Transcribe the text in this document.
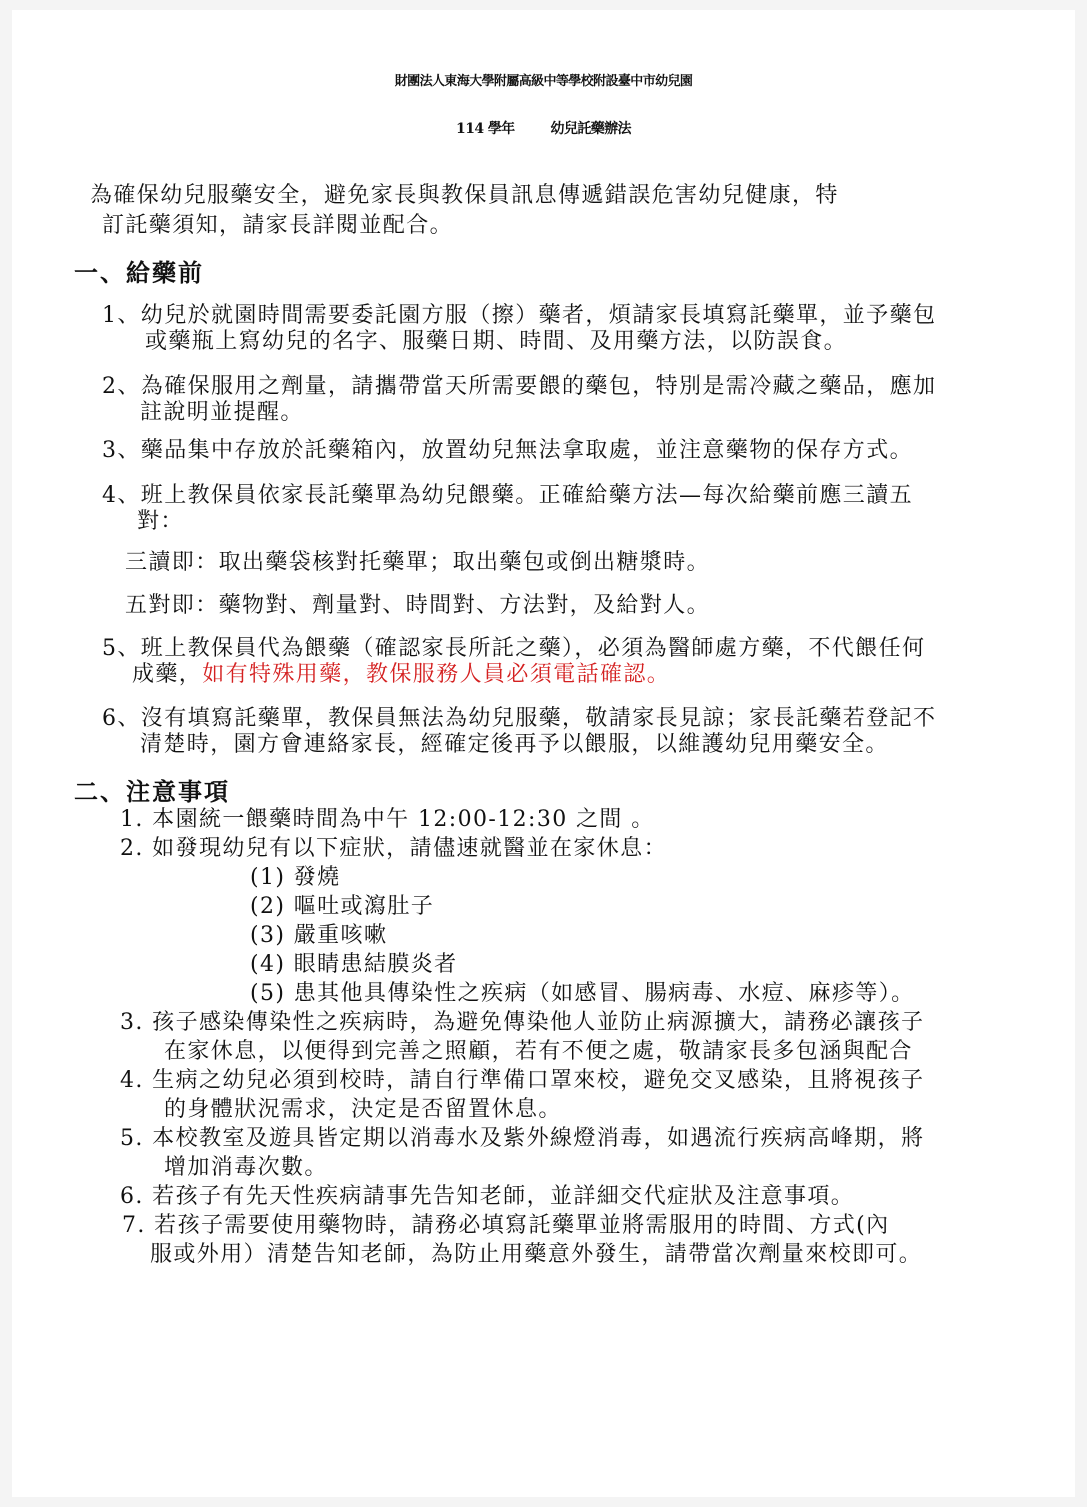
財團法人東海大學附屬高級中等學校附設臺中市幼兒園
114 學年	幼兒託藥辦法
為確保幼兒服藥安全，避免家長與教保員訊息傳遞錯誤危害幼兒健康，特
訂託藥須知，請家長詳閱並配合。
一、給藥前
1、幼兒於就園時間需要委託園方服（擦）藥者，煩請家長填寫託藥單，並予藥包
或藥瓶上寫幼兒的名字、服藥日期、時間、及用藥方法，以防誤食。
2、為確保服用之劑量，請攜帶當天所需要餵的藥包，特別是需冷藏之藥品，應加
註說明並提醒。
3、藥品集中存放於託藥箱內，放置幼兒無法拿取處，並注意藥物的保存方式。
4、班上教保員依家長託藥單為幼兒餵藥。正確給藥方法—每次給藥前應三讀五
對：
三讀即：取出藥袋核對托藥單；取出藥包或倒出糖漿時。
五對即：藥物對、劑量對、時間對、方法對，及給對人。
5、班上教保員代為餵藥（確認家長所託之藥），必須為醫師處方藥，不代餵任何
成藥，如有特殊用藥，教保服務人員必須電話確認。
6、沒有填寫託藥單，教保員無法為幼兒服藥，敬請家長見諒；家長託藥若登記不
清楚時，園方會連絡家長，經確定後再予以餵服，以維護幼兒用藥安全。
二、注意事項
1. 本園統一餵藥時間為中午 12:00-12:30 之間 。
2. 如發現幼兒有以下症狀，請儘速就醫並在家休息：
(1) 發燒
(2) 嘔吐或瀉肚子
(3) 嚴重咳嗽
(4) 眼睛患結膜炎者
(5) 患其他具傳染性之疾病（如感冒、腸病毒、水痘、麻疹等）。
3. 孩子感染傳染性之疾病時，為避免傳染他人並防止病源擴大，請務必讓孩子
在家休息，以便得到完善之照顧，若有不便之處，敬請家長多包涵與配合
4. 生病之幼兒必須到校時，請自行準備口罩來校，避免交叉感染，且將視孩子
的身體狀況需求，決定是否留置休息。
5. 本校教室及遊具皆定期以消毒水及紫外線燈消毒，如遇流行疾病高峰期，將
增加消毒次數。
6. 若孩子有先天性疾病請事先告知老師，並詳細交代症狀及注意事項。
7. 若孩子需要使用藥物時，請務必填寫託藥單並將需服用的時間、方式(內
服或外用）清楚告知老師，為防止用藥意外發生，請帶當次劑量來校即可。
